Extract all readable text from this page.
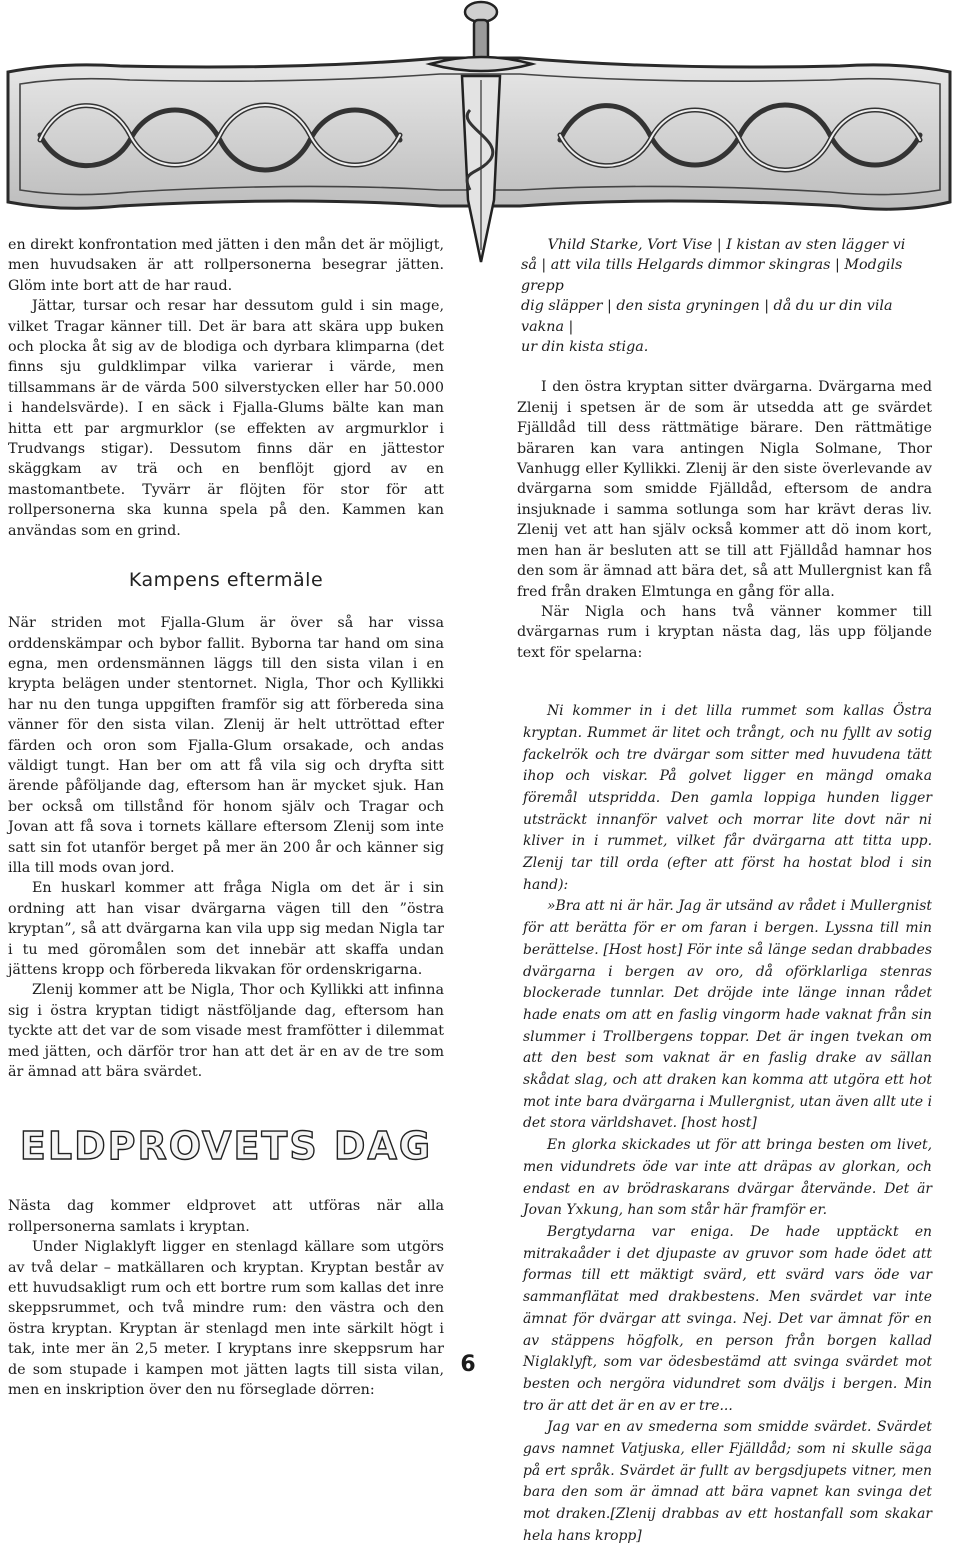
en direkt konfrontation med jätten i den mån det är möjligt, men huvudsaken är att rollpersonerna besegrar jätten. Glöm inte bort att de har raud.

Jättar, tursar och resar har dessutom guld i sin mage, vilket Tragar känner till. Det är bara att skära upp buken och plocka åt sig av de blodiga och dyrbara klimparna (det finns sju guldklimpar vilka varierar i värde, men tillsammans är de värda 500 silverstycken eller har 50.000 i handelsvärde). I en säck i Fjalla-Glums bälte kan man hitta ett par argmurklor (se effekten av argmurklor i Trudvangs stigar). Dessutom finns där en jättestor skäggkam av trä och en benflöjt gjord av en mastomantbete. Tyvärr är flöjten för stor för att rollpersonerna ska kunna spela på den. Kammen kan användas som en grind.

Kampens eftermäle

När striden mot Fjalla-Glum är över så har vissa orddenskämpar och bybor fallit. Byborna tar hand om sina egna, men ordensmännen läggs till den sista vilan i en krypta belägen under stentornet. Nigla, Thor och Kyllikki har nu den tunga uppgiften framför sig att förbereda sina vänner för den sista vilan. Zlenij är helt uttröttad efter färden och oron som Fjalla-Glum orsakade, och andas väldigt tungt. Han ber om att få vila sig och dryfta sitt ärende påföljande dag, eftersom han är mycket sjuk. Han ber också om tillstånd för honom själv och Tragar och Jovan att få sova i tornets källare eftersom Zlenij som inte satt sin fot utanför berget på mer än 200 år och känner sig illa till mods ovan jord.

En huskarl kommer att fråga Nigla om det är i sin ordning att han visar dvärgarna vägen till den ”östra kryptan”, så att dvärgarna kan vila upp sig medan Nigla tar i tu med göromålen som det innebär att skaffa undan jättens kropp och förbereda likvakan för ordenskrigarna.

Zlenij kommer att be Nigla, Thor och Kyllikki att infinna sig i östra kryptan tidigt nästföljande dag, eftersom han tyckte att det var de som visade mest framfötter i dilemmat med jätten, och därför tror han att det är en av de tre som är ämnad att bära svärdet.

ELDPROVETS DAG

Nästa dag kommer eldprovet att utföras när alla rollpersonerna samlats i kryptan.

Under Niglaklyft ligger en stenlagd källare som utgörs av två delar – matkällaren och kryptan. Kryptan består av ett huvudsakligt rum och ett bortre rum som kallas det inre skeppsrummet, och två mindre rum: den västra och den östra kryptan. Kryptan är stenlagd men inte särkilt högt i tak, inte mer än 2,5 meter. I kryptans inre skeppsrum har de som stupade i kampen mot jätten lagts till sista vilan, men en inskription över den nu förseglade dörren:

Vhild Starke, Vort Vise | I kistan av sten lägger vi
så | att vila tills Helgards dimmor skingras | Modgils grepp
dig släpper | den sista gryningen | då du ur din vila vakna |
ur din kista stiga.

I den östra kryptan sitter dvärgarna. Dvärgarna med Zlenij i spetsen är de som är utsedda att ge svärdet Fjälldåd till dess rättmätige bärare. Den rättmätige bäraren kan vara antingen Nigla Solmane, Thor Vanhugg eller Kyllikki. Zlenij är den siste överlevande av dvärgarna som smidde Fjälldåd, eftersom de andra insjuknade i samma sotlunga som har krävt deras liv. Zlenij vet att han själv också kommer att dö inom kort, men han är besluten att se till att Fjälldåd hamnar hos den som är ämnad att bära det, så att Mullergnist kan få fred från draken Elmtunga en gång för alla.

När Nigla och hans två vänner kommer till dvärgarnas rum i kryptan nästa dag, läs upp följande text för spelarna:

Ni kommer in i det lilla rummet som kallas Östra kryptan. Rummet är litet och trångt, och nu fyllt av sotig fackelrök och tre dvärgar som sitter med huvudena tätt ihop och viskar. På golvet ligger en mängd omaka föremål utspridda. Den gamla loppiga hunden ligger utsträckt innanför valvet och morrar lite dovt när ni kliver in i rummet, vilket får dvärgarna att titta upp. Zlenij tar till orda (efter att först ha hostat blod i sin hand):

»Bra att ni är här. Jag är utsänd av rådet i Mullergnist för att berätta för er om faran i bergen. Lyssna till min berättelse. [Host host] För inte så länge sedan drabbades dvärgarna i bergen av oro, då oförklarliga stenras blockerade tunnlar. Det dröjde inte länge innan rådet hade enats om att en faslig vingorm hade vaknat från sin slummer i Trollbergens toppar. Det är ingen tvekan om att den best som vaknat är en faslig drake av sällan skådat slag, och att draken kan komma att utgöra ett hot mot inte bara dvärgarna i Mullergnist, utan även allt ute i det stora världshavet. [host host]

En glorka skickades ut för att bringa besten om livet, men vidundrets öde var inte att dräpas av glorkan, och endast en av brödraskarans dvärgar återvände. Det är Jovan Yxkung, han som står här framför er.

Bergtydarna var eniga. De hade upptäckt en mitrakaåder i det djupaste av gruvor som hade ödet att formas till ett mäktigt svärd, ett svärd vars öde var sammanflätat med drakbestens. Men svärdet var inte ämnat för dvärgar att svinga. Nej. Det var ämnat för en av stäppens högfolk, en person från borgen kallad Niglaklyft, som var ödesbestämd att svinga svärdet mot besten och nergöra vidundret som dväljs i bergen. Min tro är att det är en av er tre...

Jag var en av smederna som smidde svärdet. Svärdet gavs namnet Vatjuska, eller Fjälldåd; som ni skulle säga på ert språk. Svärdet är fullt av bergsdjupets vitner, men bara den som är ämnad att bära vapnet kan svinga det mot draken.[Zlenij drabbas av ett hostanfall som skakar hela hans kropp]

6
